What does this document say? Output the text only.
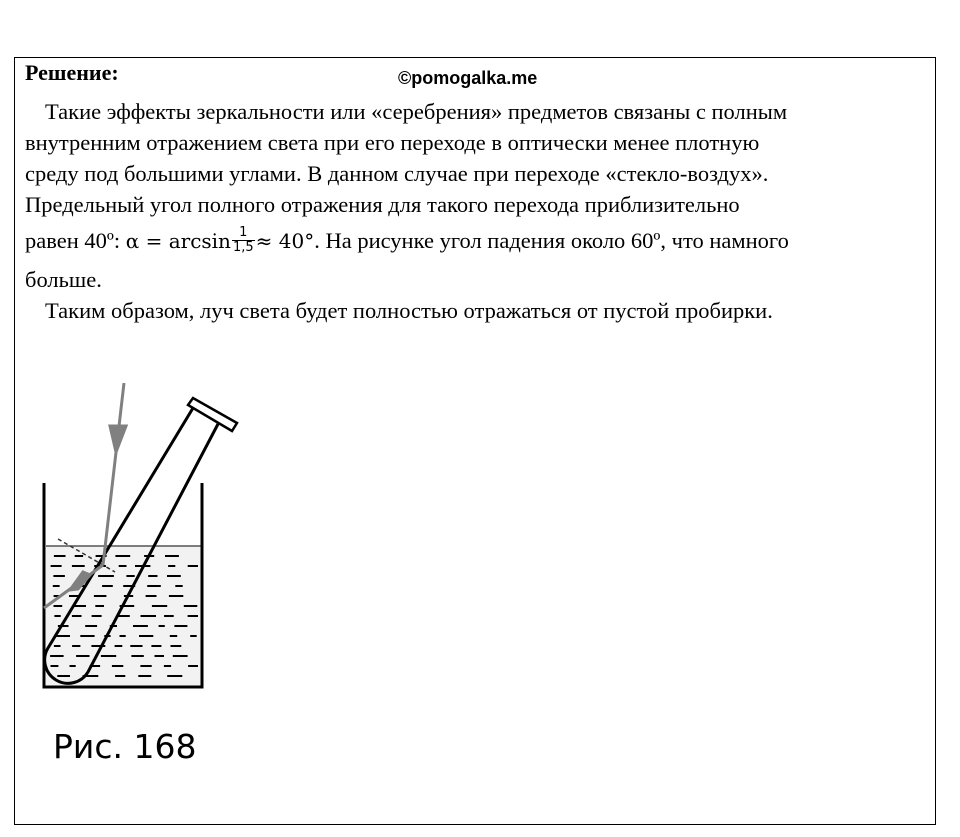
Решение:	©pomogalka.me
Такие эффекты зеркальности или «серебрения» предметов связаны с полным
внутренним отражением света при его переходе в оптически менее плотную
среду под большими углами. В данном случае при переходе «стекло-воздух».
Предельный угол полного отражения для такого перехода приблизительно
равен 40º: $\alpha = \arcsin \frac{1}{1,5} \approx 40^\circ$. На рисунке угол падения около 60º, что намного
больше.
Таким образом, луч света будет полностью отражаться от пустой пробирки.
Рис. 168
